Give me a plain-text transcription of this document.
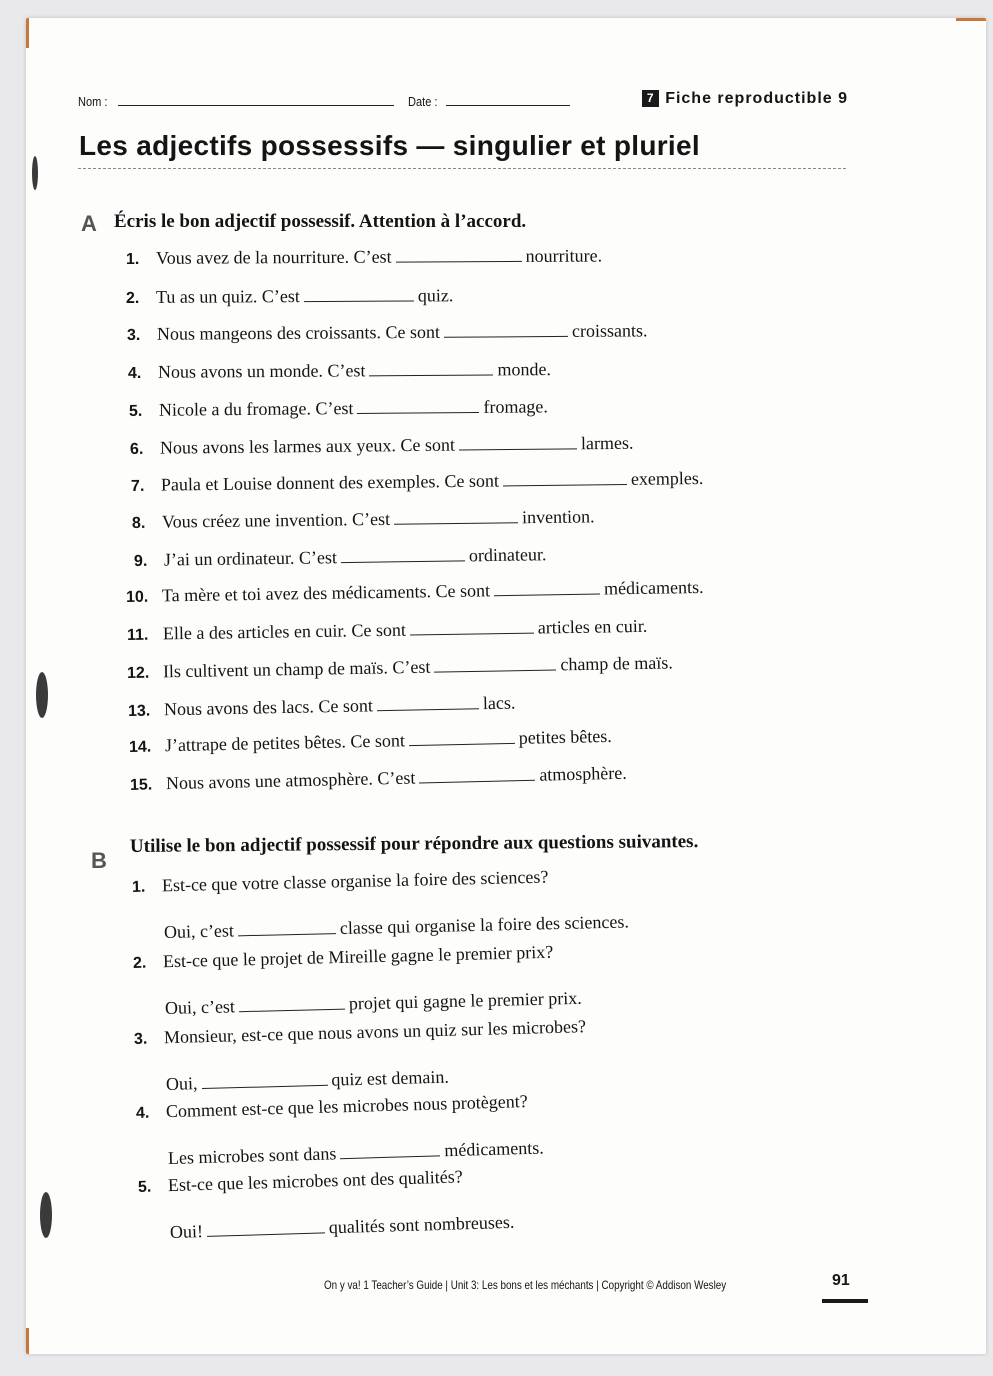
Nom :	Date :	7 Fiche reproductible 9
Les adjectifs possessifs — singulier et pluriel
A Écris le bon adjectif possessif. Attention à l’accord.
1. Vous avez de la nourriture. C’est	nourriture.
2. Tu as un quiz. C’est	quiz.
3. Nous mangeons des croissants. Ce sont	croissants.
4. Nous avons un monde. C’est	monde.
5. Nicole a du fromage. C’est	fromage.
6. Nous avons les larmes aux yeux. Ce sont	larmes.
7. Paula et Louise donnent des exemples. Ce sont	exemples.
8. Vous créez une invention. C’est	invention.
9. J’ai un ordinateur. C’est	ordinateur.
10. Ta mère et toi avez des médicaments. Ce sont	médicaments.
11. Elle a des articles en cuir. Ce sont	articles en cuir.
12. Ils cultivent un champ de maïs. C’est	champ de maïs.
13. Nous avons des lacs. Ce sont	lacs.
14. J’attrape de petites bêtes. Ce sont	petites bêtes.
15. Nous avons une atmosphère. C’est	atmosphère.
B
Utilise le bon adjectif possessif pour répondre aux questions suivantes.
1. Est-ce que votre classe organise la foire des sciences?
Oui, c’est	classe qui organise la foire des sciences.
2. Est-ce que le projet de Mireille gagne le premier prix?
Oui, c’est	projet qui gagne le premier prix.
3. Monsieur, est-ce que nous avons un quiz sur les microbes?
Oui,	quiz est demain.
4. Comment est-ce que les microbes nous protègent?
Les microbes sont dans	médicaments.
5. Est-ce que les microbes ont des qualités?
Oui!	qualités sont nombreuses.
On y va! 1 Teacher’s Guide | Unit 3: Les bons et les méchants | Copyright © Addison Wesley	91
